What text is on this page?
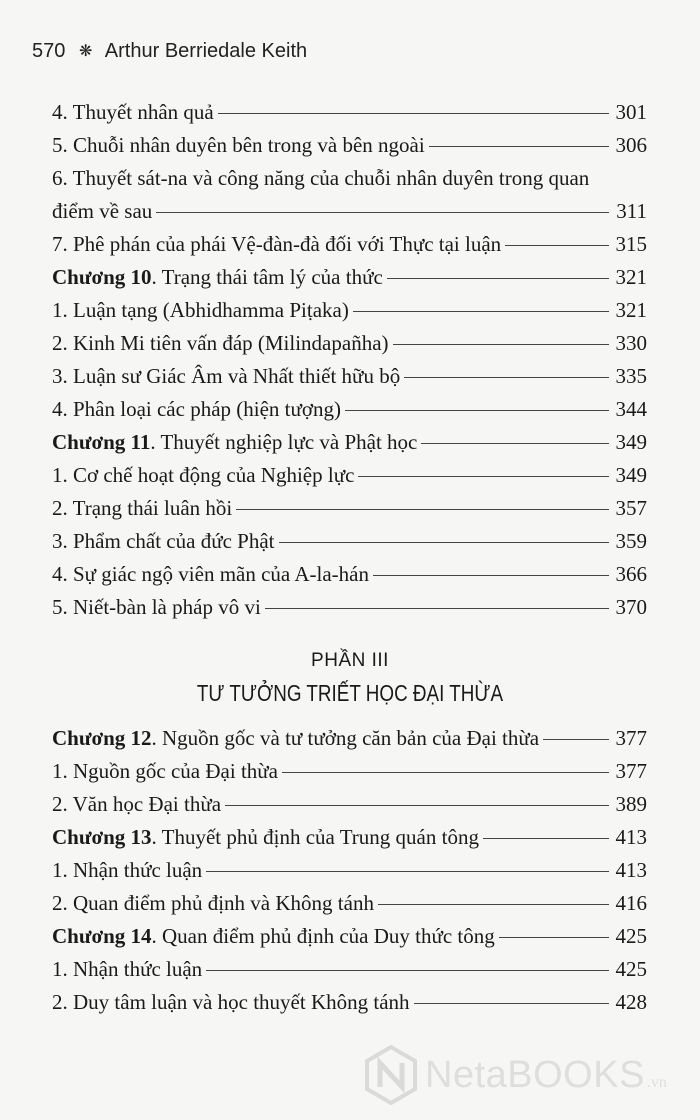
570 ❋ Arthur Berriedale Keith
4. Thuyết nhân quả	301
5. Chuỗi nhân duyên bên trong và bên ngoài	306
6. Thuyết sát-na và công năng của chuỗi nhân duyên trong quan
điểm về sau	311
7. Phê phán của phái Vệ-đàn-đà đối với Thực tại luận	315
Chương 10. Trạng thái tâm lý của thức	321
1. Luận tạng (Abhidhamma Piṭaka)	321
2. Kinh Mi tiên vấn đáp (Milindapañha)	330
3. Luận sư Giác Âm và Nhất thiết hữu bộ	335
4. Phân loại các pháp (hiện tượng)	344
Chương 11. Thuyết nghiệp lực và Phật học	349
1. Cơ chế hoạt động của Nghiệp lực	349
2. Trạng thái luân hồi	357
3. Phẩm chất của đức Phật	359
4. Sự giác ngộ viên mãn của A-la-hán	366
5. Niết-bàn là pháp vô vi	370
PHẦN III
TƯ TƯỞNG TRIẾT HỌC ĐẠI THỪA
Chương 12. Nguồn gốc và tư tưởng căn bản của Đại thừa	377
1. Nguồn gốc của Đại thừa	377
2. Văn học Đại thừa	389
Chương 13. Thuyết phủ định của Trung quán tông	413
1. Nhận thức luận	413
2. Quan điểm phủ định và Không tánh	416
Chương 14. Quan điểm phủ định của Duy thức tông	425
1. Nhận thức luận	425
2. Duy tâm luận và học thuyết Không tánh	428
NetaBOOKS .vn
